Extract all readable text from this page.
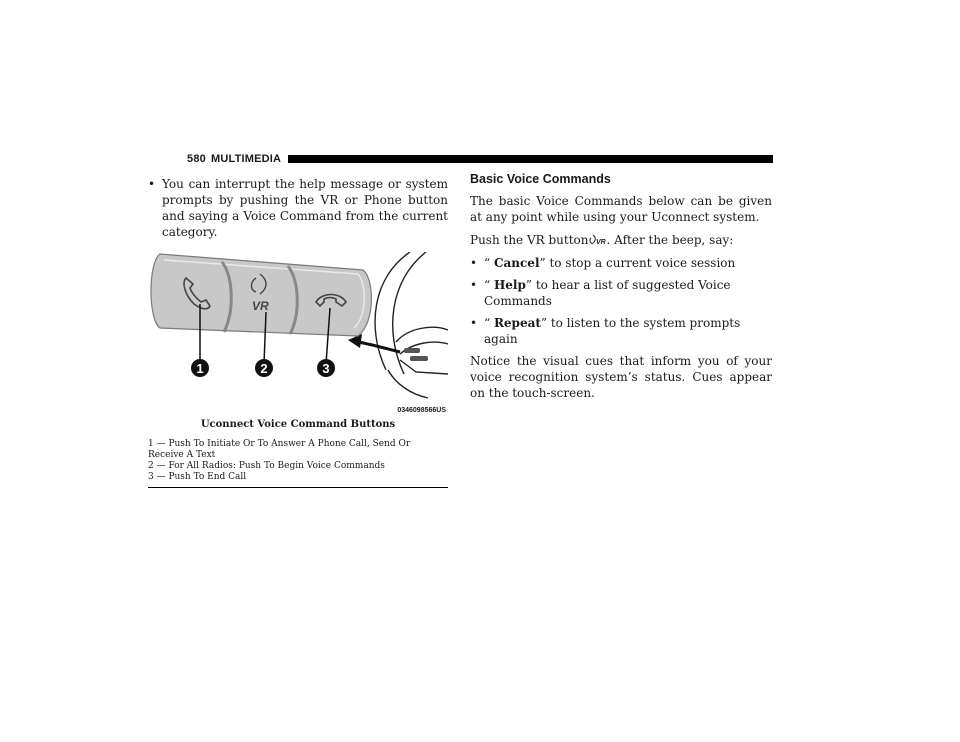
580 MULTIMEDIA
• You can interrupt the help message or system prompts by pushing the VR or Phone button and saying a Voice Command from the current category.
VR
1	2	3
0346098566US
Uconnect Voice Command Buttons
1 — Push To Initiate Or To Answer A Phone Call, Send Or Receive A Text
2 — For All Radios: Push To Begin Voice Commands
3 — Push To End Call
Basic Voice Commands

The basic Voice Commands below can be given at any point while using your Uconnect system.

Push the VR button VR . After the beep, say:

• “ Cancel” to stop a current voice session
• “ Help” to hear a list of suggested Voice Commands
• “ Repeat” to listen to the system prompts again

Notice the visual cues that inform you of your voice recognition system’s status. Cues appear on the touch-screen.
